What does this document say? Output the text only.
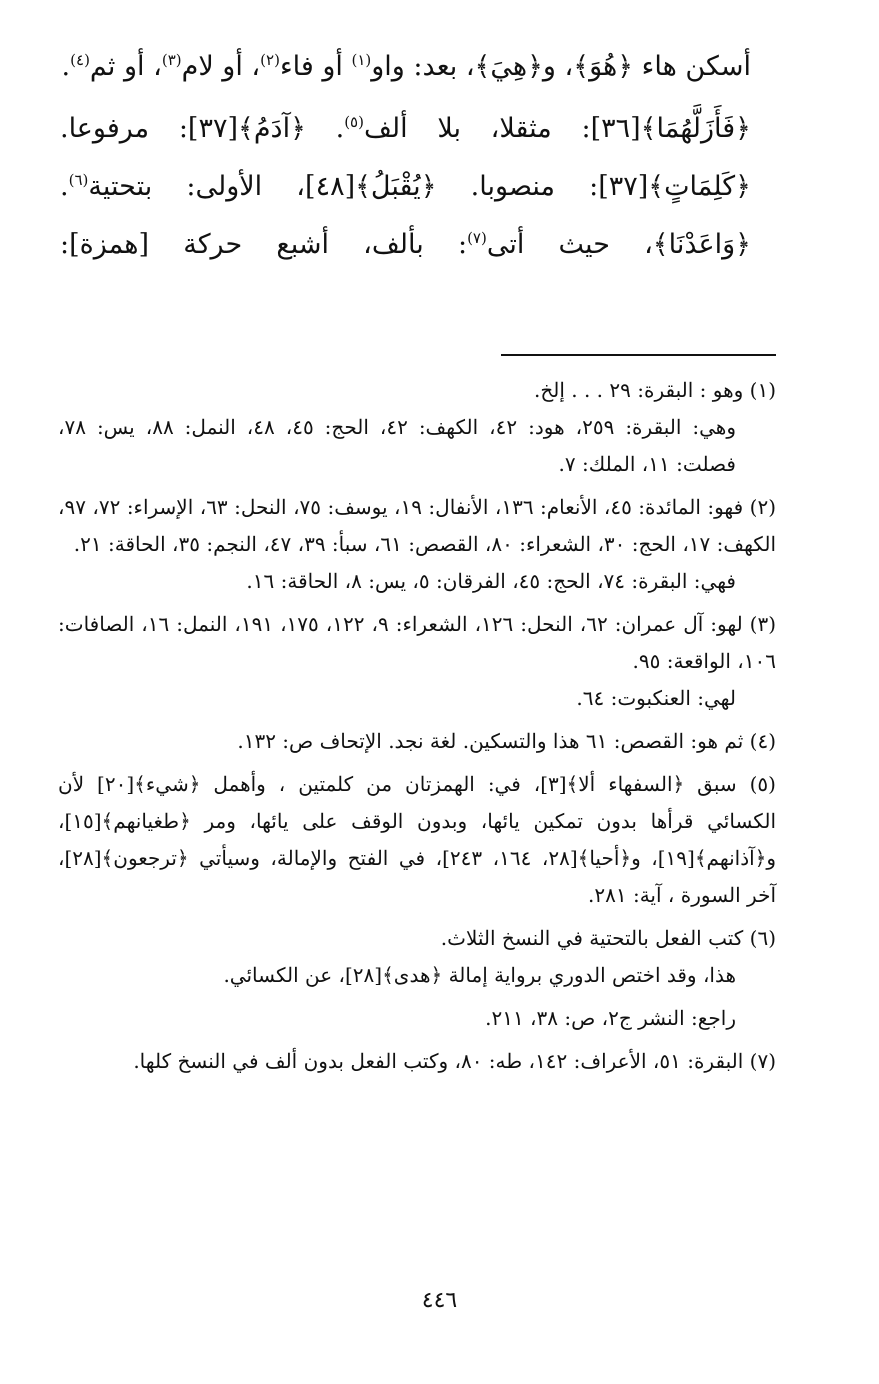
أسكن هاء ﴿هُوَ﴾، و﴿هِيَ﴾، بعد: واو$^{(١)}$ أو فاء$^{(٢)}$، أو لام$^{(٣)}$، أو ثم$^{(٤)}$.

﴿فَأَزَلَّهُمَا﴾[٣٦]: مثقلا، بلا ألف$^{(٥)}$. ﴿آدَمُ﴾[٣٧]: مرفوعا. ﴿كَلِمَاتٍ﴾[٣٧]: منصوبا. ﴿يُقْبَلُ﴾[٤٨]، الأولى: بتحتية$^{(٦)}$. ﴿وَاعَدْنَا﴾، حيث أتى$^{(٧)}$: بألف، أشبع حركة [همزة]:

(١) وهو : البقرة: ٢٩ . . . إلخ.

وهي: البقرة: ٢٥٩، هود: ٤٢، الكهف: ٤٢، الحج: ٤٥، ٤٨، النمل: ٨٨، يس: ٧٨، فصلت: ١١، الملك: ٧.

(٢) فهو: المائدة: ٤٥، الأنعام: ١٣٦، الأنفال: ١٩، يوسف: ٧٥، النحل: ٦٣، الإسراء: ٧٢، ٩٧، الكهف: ١٧، الحج: ٣٠، الشعراء: ٨٠، القصص: ٦١، سبأ: ٣٩، ٤٧، النجم: ٣٥، الحاقة: ٢١.

فهي: البقرة: ٧٤، الحج: ٤٥، الفرقان: ٥، يس: ٨، الحاقة: ١٦.

(٣) لهو: آل عمران: ٦٢، النحل: ١٢٦، الشعراء: ٩، ١٢٢، ١٧٥، ١٩١، النمل: ١٦، الصافات: ١٠٦، الواقعة: ٩٥.

لهي: العنكبوت: ٦٤.

(٤) ثم هو: القصص: ٦١ هذا والتسكين. لغة نجد. الإتحاف ص: ١٣٢.

(٥) سبق ﴿السفهاء ألا﴾[٣]، في: الهمزتان من كلمتين ، وأهمل ﴿شيء﴾[٢٠] لأن الكسائي قرأها بدون تمكين يائها، وبدون الوقف على يائها، ومر ﴿طغيانهم﴾[١٥]، و﴿آذانهم﴾[١٩]، و﴿أحيا﴾[٢٨، ١٦٤، ٢٤٣]، في الفتح والإمالة، وسيأتي ﴿ترجعون﴾[٢٨]، آخر السورة ، آية: ٢٨١.

(٦) كتب الفعل بالتحتية في النسخ الثلاث.

هذا، وقد اختص الدوري برواية إمالة ﴿هدى﴾[٢٨]، عن الكسائي.

راجع: النشر ج٢، ص: ٣٨، ٢١١.

(٧) البقرة: ٥١، الأعراف: ١٤٢، طه: ٨٠، وكتب الفعل بدون ألف في النسخ كلها.

٤٤٦
